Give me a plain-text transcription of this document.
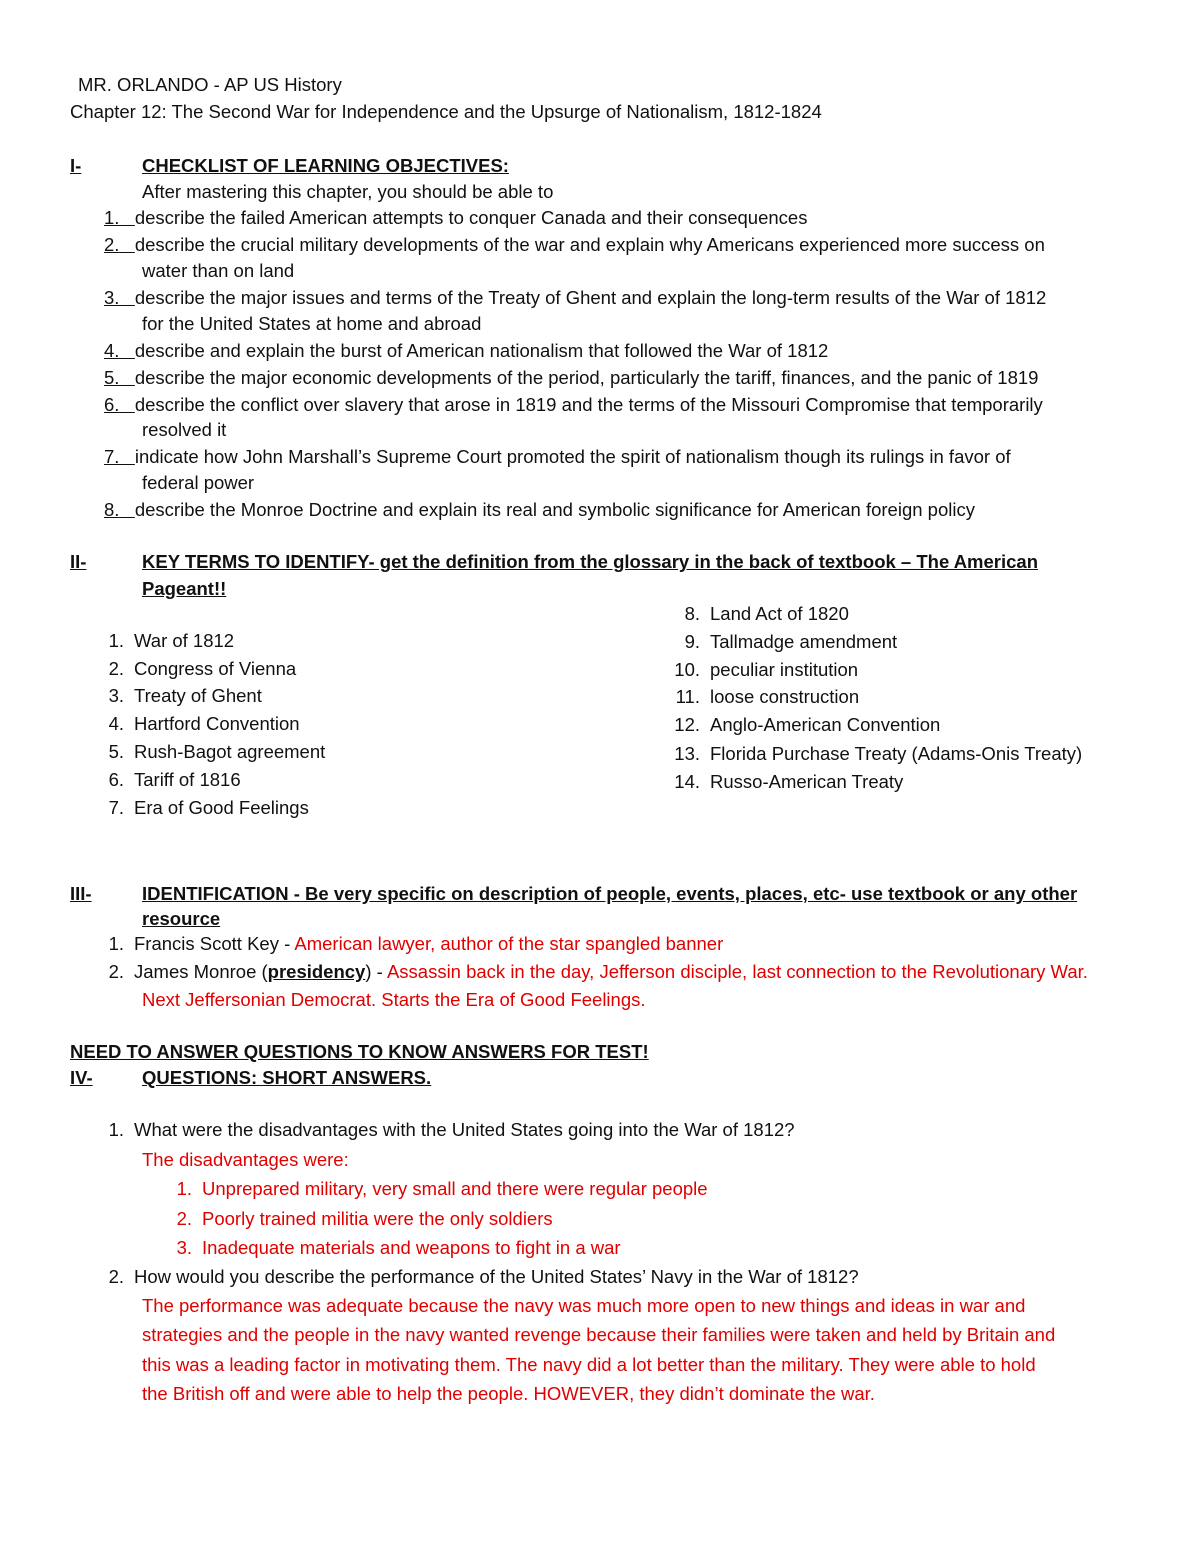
MR. ORLANDO - AP US History
Chapter 12: The Second War for Independence and the Upsurge of Nationalism, 1812-1824
I-	CHECKLIST OF LEARNING OBJECTIVES:
After mastering this chapter, you should be able to
1. describe the failed American attempts to conquer Canada and their consequences
2. describe the crucial military developments of the war and explain why Americans experienced more success on
water than on land
3. describe the major issues and terms of the Treaty of Ghent and explain the long-term results of the War of 1812
for the United States at home and abroad
4. describe and explain the burst of American nationalism that followed the War of 1812
5. describe the major economic developments of the period, particularly the tariff, finances, and the panic of 1819
6. describe the conflict over slavery that arose in 1819 and the terms of the Missouri Compromise that temporarily
resolved it
7. indicate how John Marshall’s Supreme Court promoted the spirit of nationalism though its rulings in favor of
federal power
8. describe the Monroe Doctrine and explain its real and symbolic significance for American foreign policy
II-	KEY TERMS TO IDENTIFY- get the definition from the glossary in the back of textbook – The American
Pageant!!
1. War of 1812
2. Congress of Vienna
3. Treaty of Ghent
4. Hartford Convention
5. Rush-Bagot agreement
6. Tariff of 1816
7. Era of Good Feelings
8. Land Act of 1820
9. Tallmadge amendment
10. peculiar institution
11. loose construction
12. Anglo-American Convention
13. Florida Purchase Treaty (Adams-Onis Treaty)
14. Russo-American Treaty
III-	IDENTIFICATION - Be very specific on description of people, events, places, etc- use textbook or any other
resource
1. Francis Scott Key - American lawyer, author of the star spangled banner
2. James Monroe (presidency) - Assassin back in the day, Jefferson disciple, last connection to the Revolutionary War.
Next Jeffersonian Democrat. Starts the Era of Good Feelings.
NEED TO ANSWER QUESTIONS TO KNOW ANSWERS FOR TEST!
IV-	QUESTIONS: SHORT ANSWERS.
1. What were the disadvantages with the United States going into the War of 1812?
The disadvantages were:
1. Unprepared military, very small and there were regular people
2. Poorly trained militia were the only soldiers
3. Inadequate materials and weapons to fight in a war
2. How would you describe the performance of the United States’ Navy in the War of 1812?
The performance was adequate because the navy was much more open to new things and ideas in war and
strategies and the people in the navy wanted revenge because their families were taken and held by Britain and
this was a leading factor in motivating them. The navy did a lot better than the military. They were able to hold
the British off and were able to help the people. HOWEVER, they didn’t dominate the war.
